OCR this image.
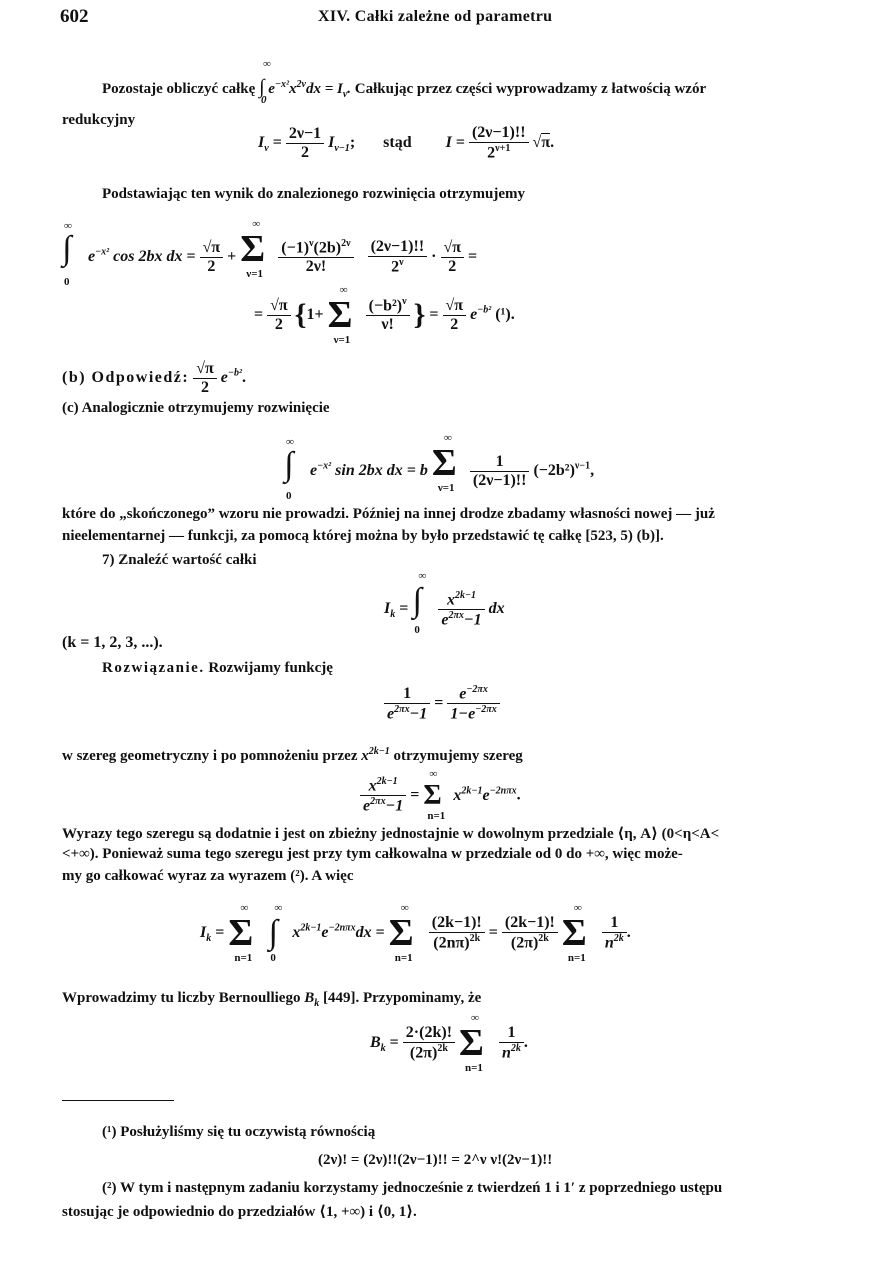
602	XIV. Całki zależne od parametru
Pozostaje obliczyć całkę
∞
∫
0
$e^{-x^2}x^{2\nu}dx = I_\nu$. Całkując przez części wyprowadzamy z łatwością wzór
redukcyjny
$I_\nu = \frac{2\nu-1}{2} I_{\nu-1}$; stąd $I = \frac{(2\nu-1)!!}{2^{\nu+1}} √\pi$.
Podstawiając ten wynik do znalezionego rozwinięcia otrzymujemy
∞
∫
0
$e^{-x^2}$ cos 2bx dx = $\frac{√\pi}{2}$ +
∞
Σ
ν=1
$\frac{(-1)^\nu(2b)^{2\nu}}{2\nu!}$
$\frac{(2\nu-1)!!}{2^\nu} \cdot \frac{√\pi}{2}$ =
= $\frac{√\pi}{2} \{1+$
∞
Σ
ν=1

$\frac{(-b^2)^\nu}{\nu!}$ } = $\frac{√\pi}{2} e^{-b^2}$ (¹).
(b) Odpowiedź: $\frac{√\pi}{2} e^{-b^2}$.
(c) Analogicznie otrzymujemy rozwinięcie
∞
∫
0
$e^{-x^2}$ sin 2bx dx = b
∞
Σ
ν=1
$\frac{1}{(2\nu-1)!!} (-2b^2)^{\nu-1}$,
które do „skończonego” wzoru nie prowadzi. Później na innej drodze zbadamy własności nowej — już
nieelementarnej — funkcji, za pomocą której można by było przedstawić tę całkę [523, 5) (b)].
7) Znaleźć wartość całki
$I_k$ =
∞
∫
0

$\frac{x^{2k-1}}{e^{2\pi x}-1}$ dx
(k = 1, 2, 3, ...).
Rozwiązanie. Rozwijamy funkcję
$\frac{1}{e^{2\pi x}-1} = \frac{e^{-2\pi x}}{1-e^{-2\pi x}}$
w szereg geometryczny i po pomnożeniu przez $x^{2k-1}$ otrzymujemy szereg
$\frac{x^{2k-1}}{e^{2\pi x}-1}$ =
∞
Σ
n=1
$x^{2k-1}e^{-2n\pi x}$.
Wyrazy tego szeregu są dodatnie i jest on zbieżny jednostajnie w dowolnym przedziale ⟨η, A⟩ (0<η<A<
<+∞). Ponieważ suma tego szeregu jest przy tym całkowalna w przedziale od 0 do +∞, więc może-
my go całkować wyraz za wyrazem (²). A więc
$I_k$ =
∞
Σ
n=1

∞
∫
0
$x^{2k-1}e^{-2n\pi x}dx$ =
∞
Σ
n=1

$\frac{(2k-1)!}{(2n\pi)^{2k}} = \frac{(2k-1)!}{(2\pi)^{2k}}$

∞
Σ
n=1

$\frac{1}{n^{2k}}$ .
Wprowadzimy tu liczby Bernoulliego $B_k$ [449]. Przypominamy, że
$B_k = \frac{2\cdot(2k)!}{(2\pi)^{2k}}$

∞
Σ
n=1

$\frac{1}{n^{2k}}$ .
(¹) Posłużyliśmy się tu oczywistą równością
(2ν)! = (2ν)!!(2ν−1)!! = 2^ν ν!(2ν−1)!!
(²) W tym i następnym zadaniu korzystamy jednocześnie z twierdzeń 1 i 1′ z poprzedniego ustępu
stosując je odpowiednio do przedziałów ⟨1, +∞) i ⟨0, 1⟩.
